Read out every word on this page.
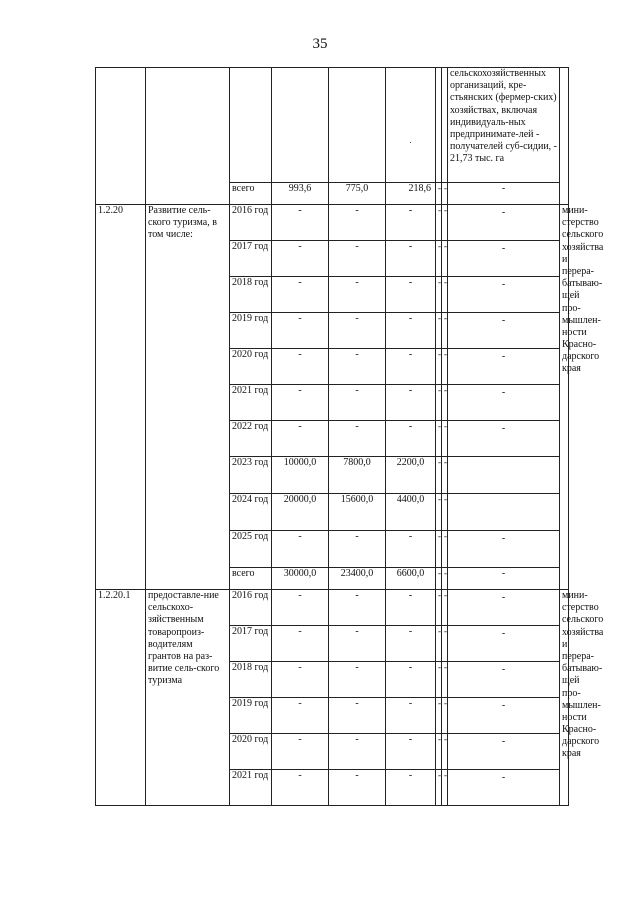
35

					.			сельскохозяйственных организаций, кре-стьянских (фермер-ских) хозяйствах, включая индивидуаль-ных предпринимате-лей - получателей суб-сидии, - 21,73 тыс. га	
		всего	993,6	775,0	218,6	-	-	-	
1.2.20	Развитие сель-ского туризма, в том числе:	2016 год	-	-	-	-	-	-	мини-стерство сельского хозяйства и перера-батываю-щей про-мышлен-ности Красно-дарского края
		2017 год	-	-	-	-	-	-	
		2018 год	-	-	-	-	-	-	
		2019 год	-	-	-	-	-	-	
		2020 год	-	-	-	-	-	-	
		2021 год	-	-	-	-	-	-	
		2022 год	-	-	-	-	-	-	
		2023 год	10000,0	7800,0	2200,0	-	-		
		2024 год	20000,0	15600,0	4400,0	-	-		
		2025 год	-	-	-	-	-	-	
		всего	30000,0	23400,0	6600,0	-	-	-	
1.2.20.1	предоставле-ние сельскохо-зяйственным товаропроиз-водителям грантов на раз-витие сель-ского туризма	2016 год	-	-	-	-	-	-	мини-стерство сельского хозяйства и перера-батываю-щей про-мышлен-ности Красно-дарского края
		2017 год	-	-	-	-	-	-	
		2018 год	-	-	-	-	-	-	
		2019 год	-	-	-	-	-	-	
		2020 год	-	-	-	-	-	-	
		2021 год	-	-	-	-	-	-	
